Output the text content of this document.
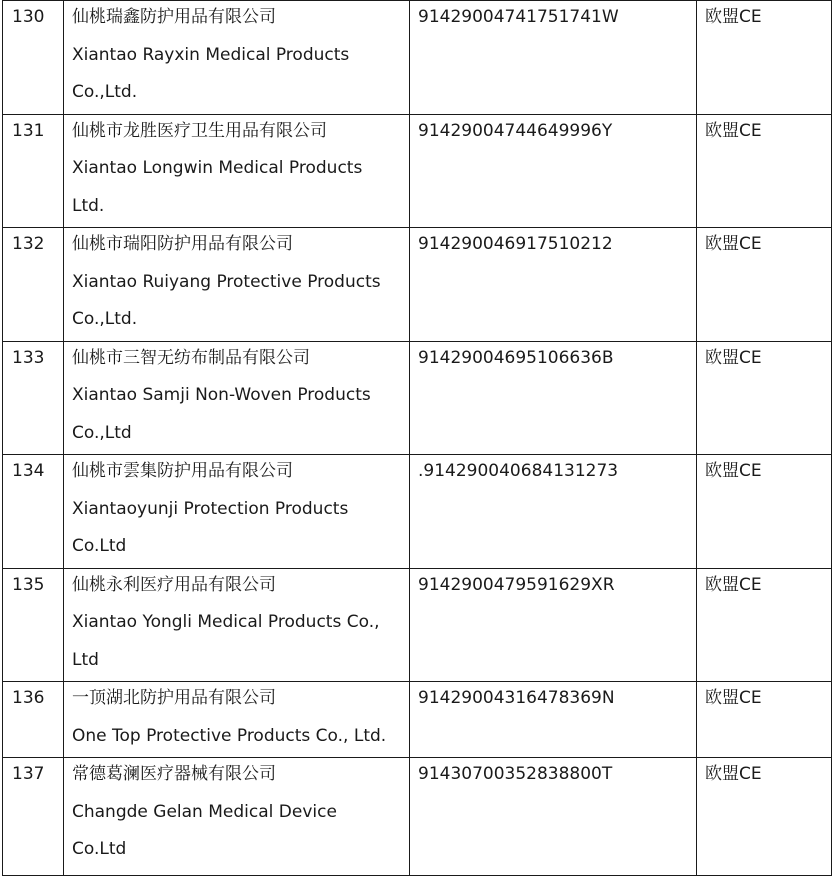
130	仙桃瑞鑫防护用品有限公司
Xiantao Rayxin Medical Products
Co.,Ltd.	91429004741751741W	欧盟CE

131	仙桃市龙胜医疗卫生用品有限公司
Xiantao Longwin Medical Products
Ltd.	91429004744649996Y	欧盟CE

132	仙桃市瑞阳防护用品有限公司
Xiantao Ruiyang Protective Products
Co.,Ltd.	914290046917510212	欧盟CE

133	仙桃市三智无纺布制品有限公司
Xiantao Samji Non-Woven Products
Co.,Ltd	91429004695106636B	欧盟CE

134	仙桃市雲集防护用品有限公司
Xiantaoyunji Protection Products
Co.Ltd	.914290040684131273	欧盟CE

135	仙桃永利医疗用品有限公司
Xiantao Yongli Medical Products Co.,
Ltd	9142900479591629XR	欧盟CE

136	一顶湖北防护用品有限公司
One Top Protective Products Co., Ltd.	91429004316478369N	欧盟CE

137	常德葛澜医疗器械有限公司
Changde Gelan Medical Device
Co.Ltd	91430700352838800T	欧盟CE
